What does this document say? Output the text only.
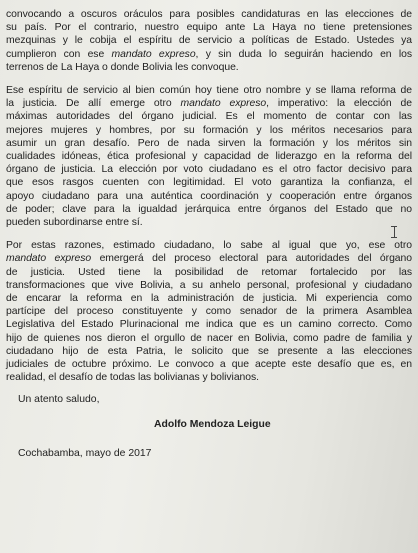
convocando a oscuros oráculos para posibles candidaturas en las elecciones de
su país. Por el contrario, nuestro equipo ante La Haya no tiene pretensiones
mezquinas y le cobija el espíritu de servicio a políticas de Estado. Ustedes ya
cumplieron con ese mandato expreso, y sin duda lo seguirán haciendo en los
terrenos de La Haya o donde Bolivia les convoque.
Ese espíritu de servicio al bien común hoy tiene otro nombre y se llama reforma de
la justicia. De allí emerge otro mandato expreso, imperativo: la elección de
máximas autoridades del órgano judicial. Es el momento de contar con las
mejores mujeres y hombres, por su formación y los méritos necesarios para
asumir un gran desafío. Pero de nada sirven la formación y los méritos sin
cualidades idóneas, ética profesional y capacidad de liderazgo en la reforma del
órgano de justicia. La elección por voto ciudadano es el otro factor decisivo para
que esos rasgos cuenten con legitimidad. El voto garantiza la confianza, el
apoyo ciudadano para una auténtica coordinación y cooperación entre órganos
de poder; clave para la igualdad jerárquica entre órganos del Estado que no
pueden subordinarse entre sí.
Por estas razones, estimado ciudadano, lo sabe al igual que yo, ese otro
mandato expreso emergerá del proceso electoral para autoridades del órgano
de justicia. Usted tiene la posibilidad de retomar fortalecido por las
transformaciones que vive Bolivia, a su anhelo personal, profesional y ciudadano
de encarar la reforma en la administración de justicia. Mi experiencia como
partícipe del proceso constituyente y como senador de la primera Asamblea
Legislativa del Estado Plurinacional me indica que es un camino correcto. Como
hijo de quienes nos dieron el orgullo de nacer en Bolivia, como padre de familia y
ciudadano hijo de esta Patria, le solicito que se presente a las elecciones
judiciales de octubre próximo. Le convoco a que acepte este desafío que es, en
realidad, el desafío de todas las bolivianas y bolivianos.
Un atento saludo,
Adolfo Mendoza Leigue
Cochabamba, mayo de 2017
